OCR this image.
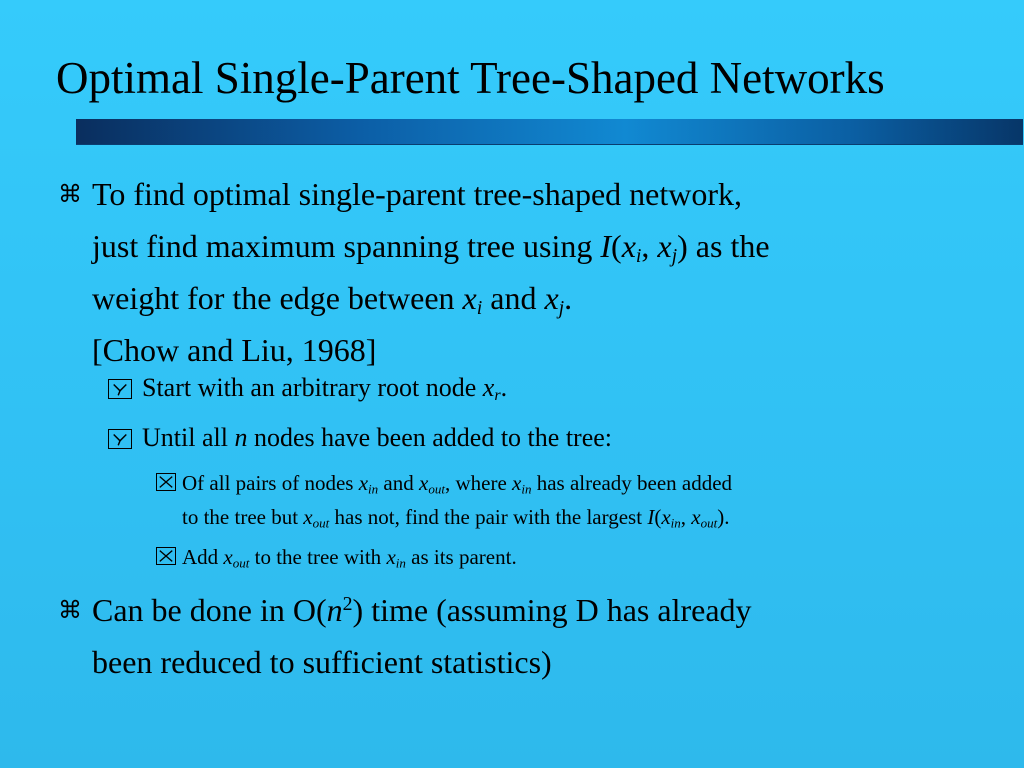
Optimal Single-Parent Tree-Shaped Networks
⌘ To find optimal single-parent tree-shaped network,
just find maximum spanning tree using $I(x_i$, $x_j$) as the
weight for the edge between $x_i$ and $x_j$.
[Chow and Liu, 1968]
Start with an arbitrary root node $x_r$.
Until all n nodes have been added to the tree:
Of all pairs of nodes $x_{in}$ and $x_{out}$, where $x_{in}$ has already been added
to the tree but $x_{out}$ has not, find the pair with the largest $I(x_{in}$, $x_{out}$).
Add $x_{out}$ to the tree with $x_{in}$ as its parent.
⌘ Can be done in $O(n^2)$ time (assuming D has already
been reduced to sufficient statistics)
